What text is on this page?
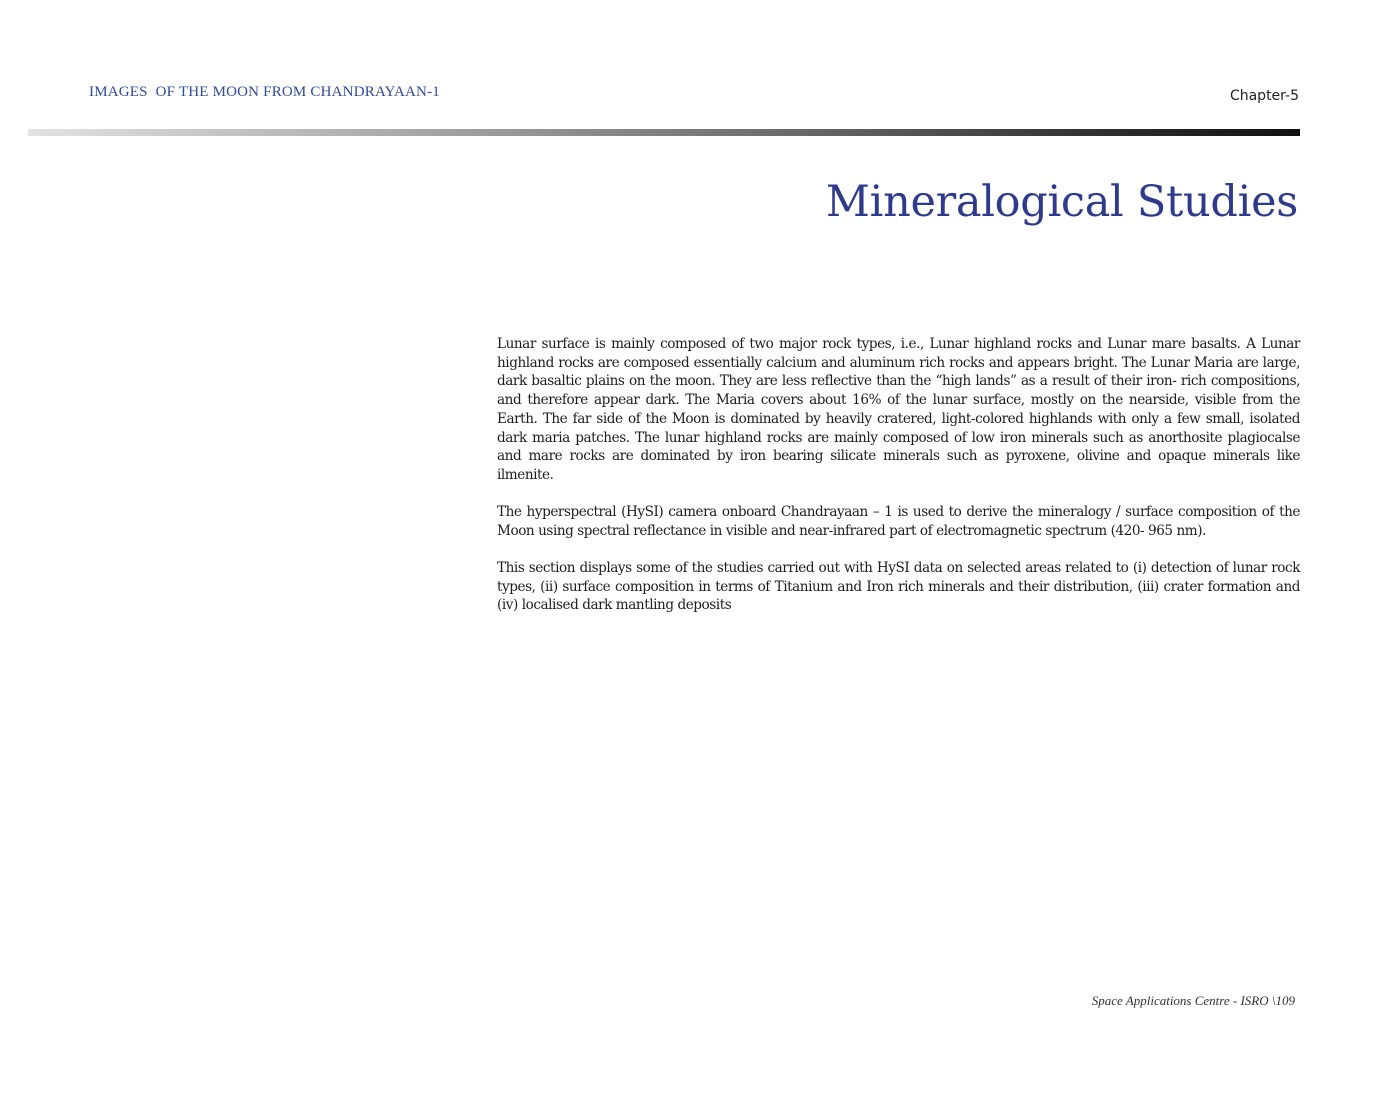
IMAGES  OF THE MOON FROM CHANDRAYAAN-1	Chapter-5
Mineralogical Studies

Lunar surface is mainly composed of two major rock types, i.e., Lunar highland rocks and Lunar mare basalts. A Lunar highland rocks are composed essentially calcium and aluminum rich rocks and appears bright. The Lunar Maria are large, dark basaltic plains on the moon. They are less reflective than the “high lands” as a result of their iron- rich compositions, and therefore appear dark. The Maria covers about 16% of the lunar surface, mostly on the nearside, visible from the Earth. The far side of the Moon is dominated by heavily cratered, light-colored highlands with only a few small, isolated dark maria patches. The lunar highland rocks are mainly composed of low iron minerals such as anorthosite plagiocalse and mare rocks are dominated by iron bearing silicate minerals such as pyroxene, olivine and opaque minerals like ilmenite.

The hyperspectral (HySI) camera onboard Chandrayaan – 1 is used to derive the mineralogy / surface composition of the Moon using spectral reflectance in visible and near-infrared part of electromagnetic spectrum (420- 965 nm).

This section displays some of the studies carried out with HySI data on selected areas related to (i) detection of lunar rock types, (ii) surface composition in terms of Titanium and Iron rich minerals and their distribution, (iii) crater formation and (iv) localised dark mantling deposits

Space Applications Centre - ISRO \109
